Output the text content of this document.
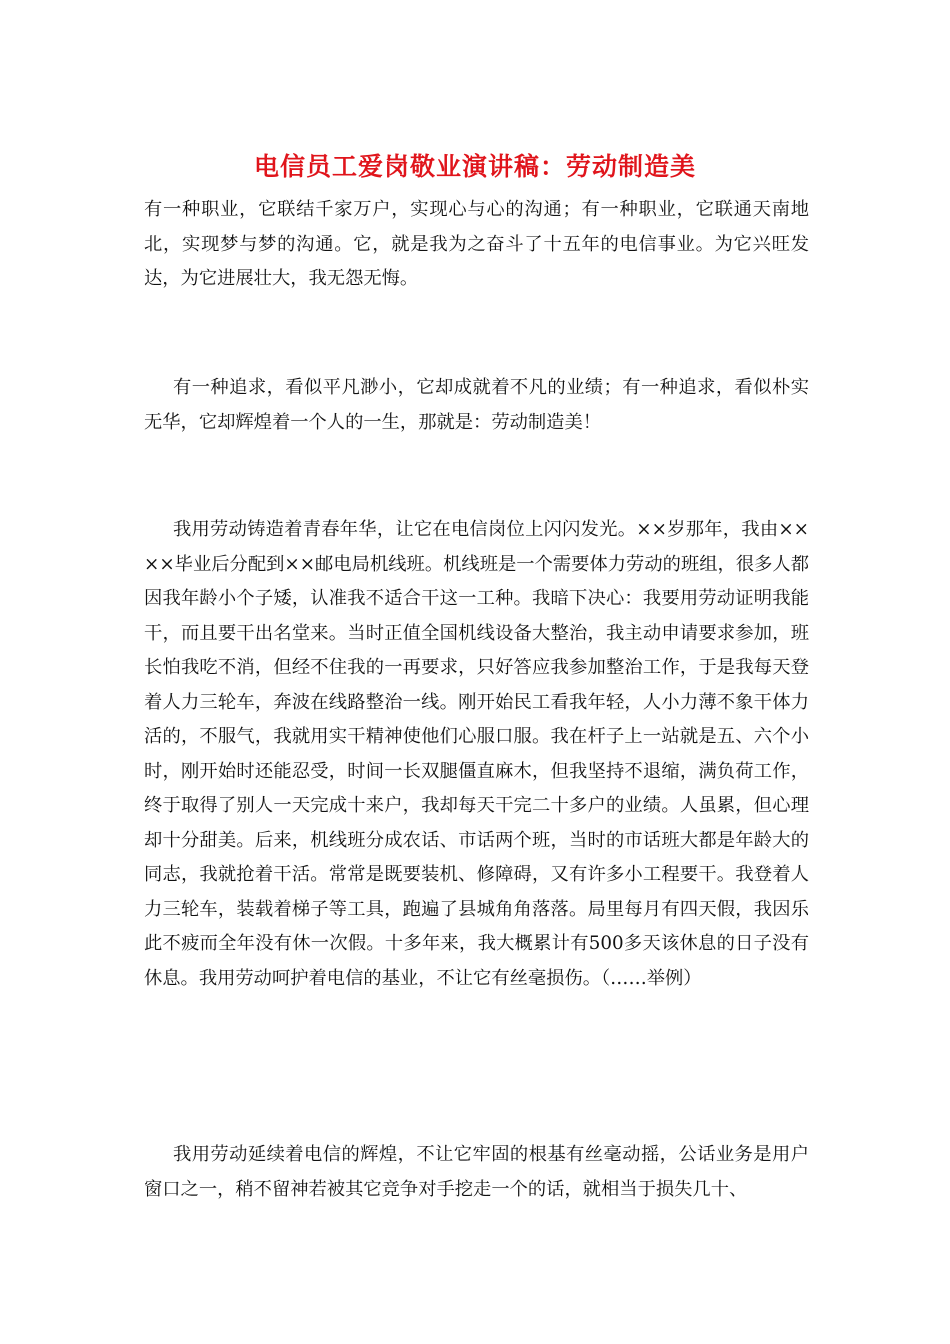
电信员工爱岗敬业演讲稿：劳动制造美

有一种职业，它联结千家万户，实现心与心的沟通；有一种职业，它联通天南地北，实现梦与梦的沟通。它，就是我为之奋斗了十五年的电信事业。为它兴旺发达，为它进展壮大，我无怨无悔。

有一种追求，看似平凡渺小，它却成就着不凡的业绩；有一种追求，看似朴实无华，它却辉煌着一个人的一生，那就是：劳动制造美！

我用劳动铸造着青春年华，让它在电信岗位上闪闪发光。××岁那年，我由××××毕业后分配到××邮电局机线班。机线班是一个需要体力劳动的班组，很多人都因我年龄小个子矮，认准我不适合干这一工种。我暗下决心：我要用劳动证明我能干，而且要干出名堂来。当时正值全国机线设备大整治，我主动申请要求参加，班长怕我吃不消，但经不住我的一再要求，只好答应我参加整治工作，于是我每天登着人力三轮车，奔波在线路整治一线。刚开始民工看我年轻，人小力薄不象干体力活的，不服气，我就用实干精神使他们心服口服。我在杆子上一站就是五、六个小时，刚开始时还能忍受，时间一长双腿僵直麻木，但我坚持不退缩，满负荷工作，终于取得了别人一天完成十来户，我却每天干完二十多户的业绩。人虽累，但心理却十分甜美。后来，机线班分成农话、市话两个班，当时的市话班大都是年龄大的同志，我就抢着干活。常常是既要装机、修障碍，又有许多小工程要干。我登着人力三轮车，装载着梯子等工具，跑遍了县城角角落落。局里每月有四天假，我因乐此不疲而全年没有休一次假。十多年来，我大概累计有500多天该休息的日子没有休息。我用劳动呵护着电信的基业，不让它有丝毫损伤。（……举例）

我用劳动延续着电信的辉煌，不让它牢固的根基有丝毫动摇，公话业务是用户窗口之一，稍不留神若被其它竞争对手挖走一个的话，就相当于损失几十、
